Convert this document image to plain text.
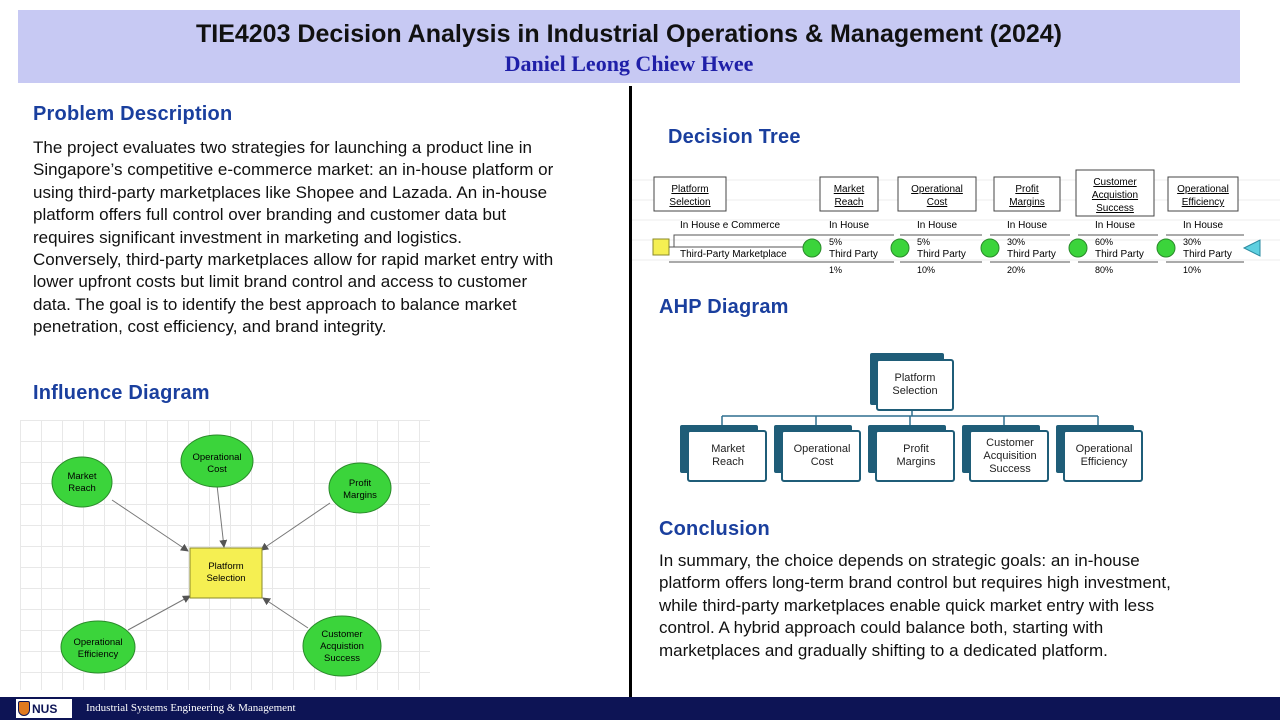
TIE4203 Decision Analysis in Industrial Operations & Management (2024)
Daniel Leong Chiew Hwee
Problem Description
The project evaluates two strategies for launching a product line in
Singapore’s competitive e-commerce market: an in-house platform or
using third-party marketplaces like Shopee and Lazada. An in-house
platform offers full control over branding and customer data but
requires significant investment in marketing and logistics.
Conversely, third-party marketplaces allow for rapid market entry with
lower upfront costs but limit brand control and access to customer
data. The goal is to identify the best approach to balance market
penetration, cost efficiency, and brand integrity.
Influence Diagram
Market
Reach
Operational
Cost
Profit
Margins
Platform
Selection
Operational
Efficiency
Customer
Acquistion
Success
Decision Tree
Platform
Selection
Market
Reach
Operational
Cost
Profit
Margins
Customer
Acquistion
Success
Operational
Efficiency
In House e Commerce
Third-Party Marketplace
In House
5%
Third Party
1%
In House
5%
Third Party
10%
In House
30%
Third Party
20%
In House
60%
Third Party
80%
In House
30%
Third Party
10%
AHP Diagram
Platform
Selection
Market
Reach
Operational
Cost
Profit
Margins
Customer
Acquisition
Success
Operational
Efficiency
Conclusion
In summary, the choice depends on strategic goals: an in-house
platform offers long-term brand control but requires high investment,
while third-party marketplaces enable quick market entry with less
control. A hybrid approach could balance both, starting with
marketplaces and gradually shifting to a dedicated platform.
NUS	Industrial Systems Engineering & Management
